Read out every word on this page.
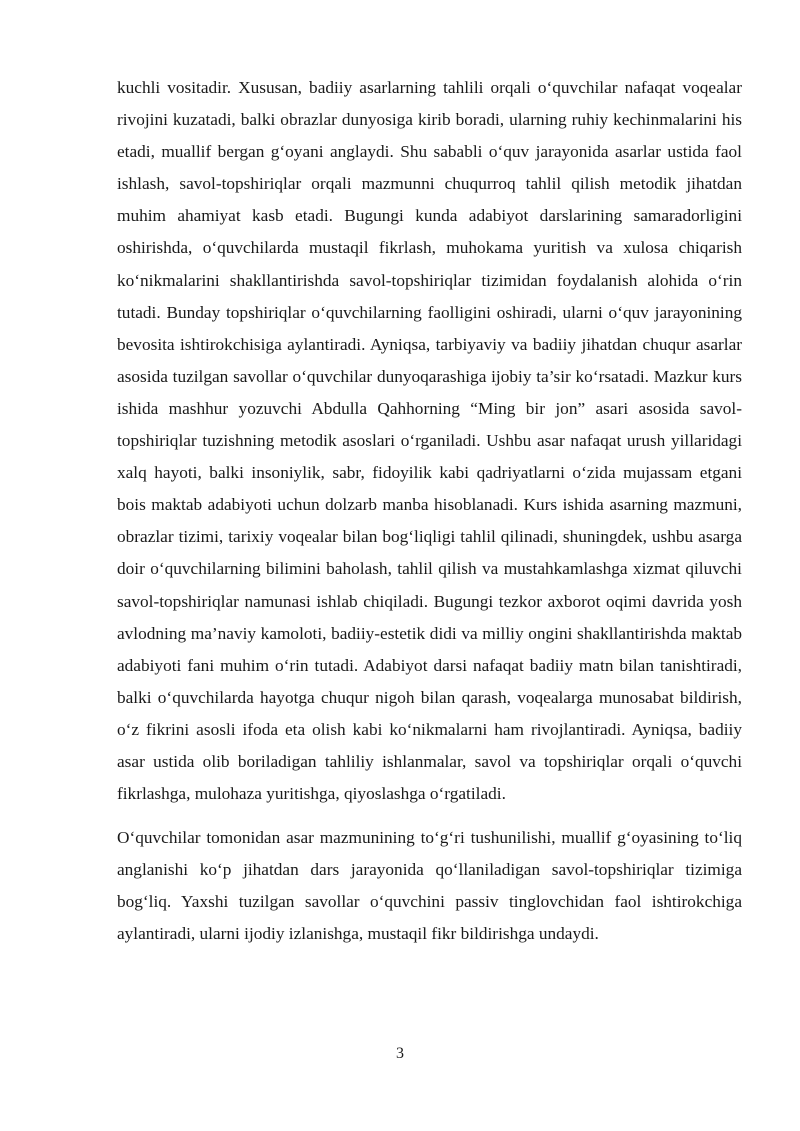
kuchli vositadir. Xususan, badiiy asarlarning tahlili orqali o‘quvchilar nafaqat voqealar rivojini kuzatadi, balki obrazlar dunyosiga kirib boradi, ularning ruhiy kechinmalarini his etadi, muallif bergan g‘oyani anglaydi. Shu sababli o‘quv jarayonida asarlar ustida faol ishlash, savol-topshiriqlar orqali mazmunni chuqurroq tahlil qilish metodik jihatdan muhim ahamiyat kasb etadi. Bugungi kunda adabiyot darslarining samaradorligini oshirishda, o‘quvchilarda mustaqil fikrlash, muhokama yuritish va xulosa chiqarish ko‘nikmalarini shakllantirishda savol-topshiriqlar tizimidan foydalanish alohida o‘rin tutadi. Bunday topshiriqlar o‘quvchilarning faolligini oshiradi, ularni o‘quv jarayonining bevosita ishtirokchisiga aylantiradi. Ayniqsa, tarbiyaviy va badiiy jihatdan chuqur asarlar asosida tuzilgan savollar o‘quvchilar dunyoqarashiga ijobiy ta’sir ko‘rsatadi. Mazkur kurs ishida mashhur yozuvchi Abdulla Qahhorning “Ming bir jon” asari asosida savol-topshiriqlar tuzishning metodik asoslari o‘rganiladi. Ushbu asar nafaqat urush yillaridagi xalq hayoti, balki insoniylik, sabr, fidoyilik kabi qadriyatlarni o‘zida mujassam etgani bois maktab adabiyoti uchun dolzarb manba hisoblanadi. Kurs ishida asarning mazmuni, obrazlar tizimi, tarixiy voqealar bilan bog‘liqligi tahlil qilinadi, shuningdek, ushbu asarga doir o‘quvchilarning bilimini baholash, tahlil qilish va mustahkamlashga xizmat qiluvchi savol-topshiriqlar namunasi ishlab chiqiladi. Bugungi tezkor axborot oqimi davrida yosh avlodning ma’naviy kamoloti, badiiy-estetik didi va milliy ongini shakllantirishda maktab adabiyoti fani muhim o‘rin tutadi. Adabiyot darsi nafaqat badiiy matn bilan tanishtiradi, balki o‘quvchilarda hayotga chuqur nigoh bilan qarash, voqealarga munosabat bildirish, o‘z fikrini asosli ifoda eta olish kabi ko‘nikmalarni ham rivojlantiradi. Ayniqsa, badiiy asar ustida olib boriladigan tahliliy ishlanmalar, savol va topshiriqlar orqali o‘quvchi fikrlashga, mulohaza yuritishga, qiyoslashga o‘rgatiladi.

O‘quvchilar tomonidan asar mazmunining to‘g‘ri tushunilishi, muallif g‘oyasining to‘liq anglanishi ko‘p jihatdan dars jarayonida qo‘llaniladigan savol-topshiriqlar tizimiga bog‘liq. Yaxshi tuzilgan savollar o‘quvchini passiv tinglovchidan faol ishtirokchiga aylantiradi, ularni ijodiy izlanishga, mustaqil fikr bildirishga undaydi.

3
